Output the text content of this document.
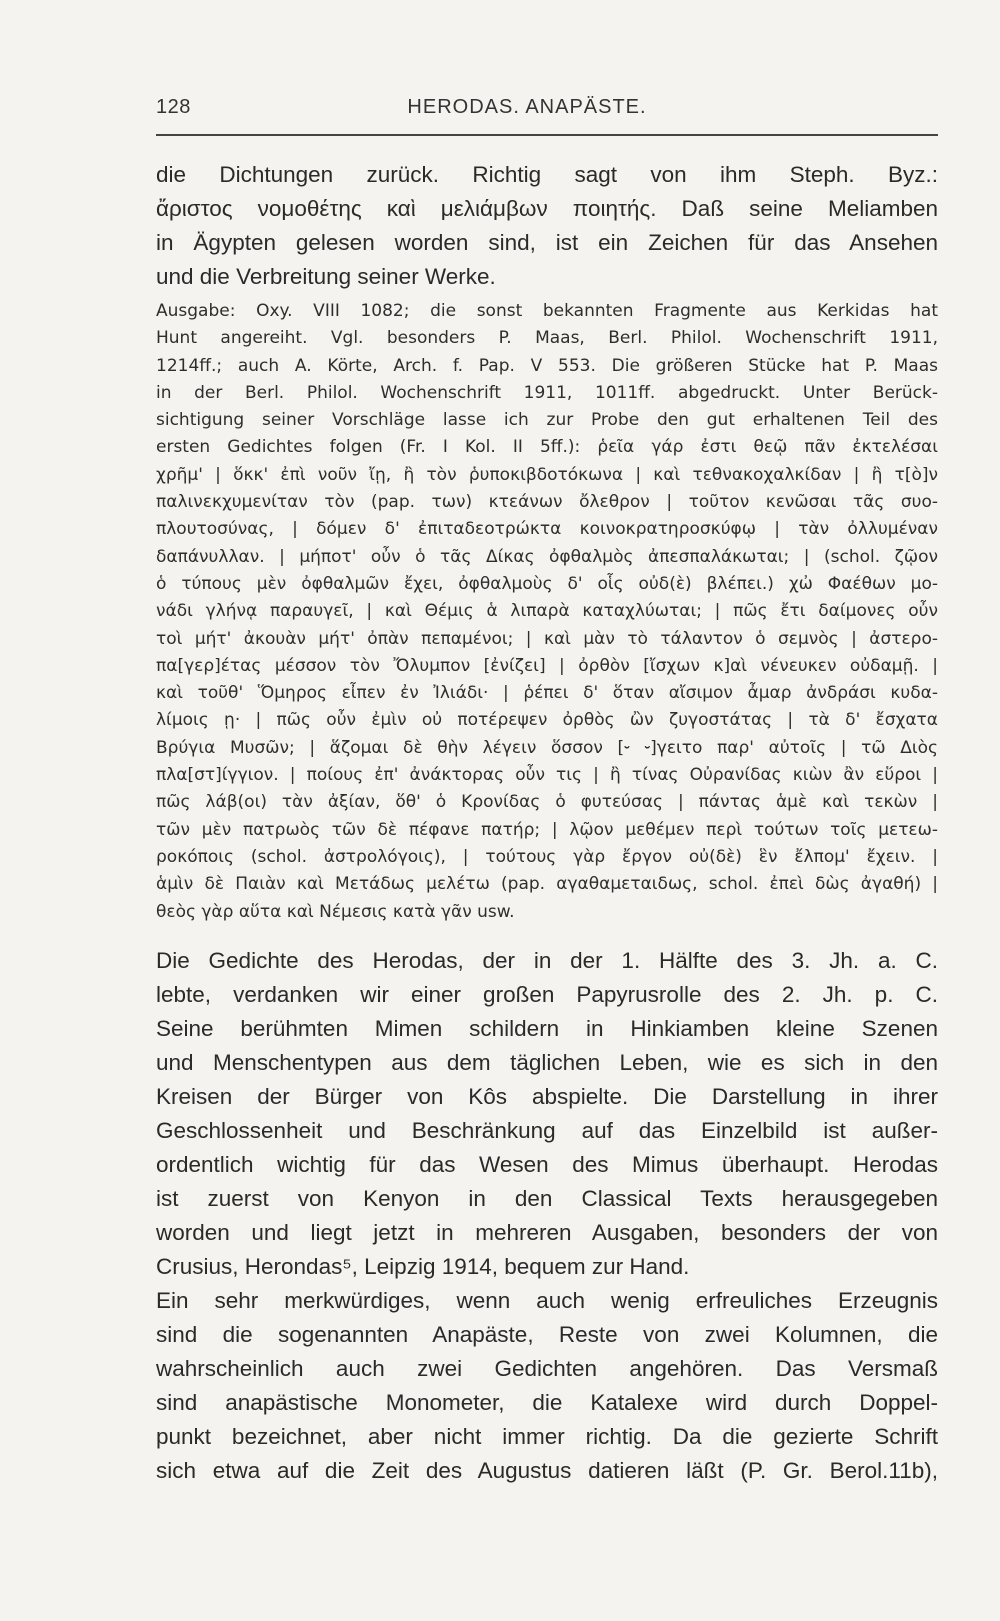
128	HERODAS. ANAPÄSTE.
die Dichtungen zurück. Richtig sagt von ihm Steph. Byz.:
ἄριστος νομοθέτης καὶ μελιάμβων ποιητής. Daß seine Meliamben
in Ägypten gelesen worden sind, ist ein Zeichen für das Ansehen
und die Verbreitung seiner Werke.
Ausgabe: Oxy. VIII 1082; die sonst bekannten Fragmente aus Kerkidas hat
Hunt angereiht. Vgl. besonders P. Maas, Berl. Philol. Wochenschrift 1911,
1214ff.; auch A. Körte, Arch. f. Pap. V 553. Die größeren Stücke hat P. Maas
in der Berl. Philol. Wochenschrift 1911, 1011ff. abgedruckt. Unter Berück-
sichtigung seiner Vorschläge lasse ich zur Probe den gut erhaltenen Teil des
ersten Gedichtes folgen (Fr. I Kol. II 5ff.): ῥεῖα γάρ ἐστι θεῷ πᾶν ἐκτελέσαι
χρῆμ' | ὅκκ' ἐπὶ νοῦν ἴῃ, ἢ τὸν ῥυποκιβδοτόκωνα | καὶ τεθνακοχαλκίδαν | ἢ τ[ὸ]ν
παλινεκχυμενίταν τὸν (pap. των) κτεάνων ὄλεθρον | τοῦτον κενῶσαι τᾶς συο-
πλουτοσύνας, | δόμεν δ' ἐπιταδεοτρώκτα κοινοκρατηροσκύφῳ | τὰν ὀλλυμέναν
δαπάνυλλαν. | μήποτ' οὖν ὁ τᾶς Δίκας ὀφθαλμὸς ἀπεσπαλάκωται; | (schol. ζῷον
ὁ τύπους μὲν ὀφθαλμῶν ἔχει, ὀφθαλμοὺς δ' οἷς οὐδ(ὲ) βλέπει.) χὠ Φαέθων μο-
νάδι γλήνᾳ παραυγεῖ, | καὶ Θέμις ἁ λιπαρὰ καταχλύωται; | πῶς ἔτι δαίμονες οὖν
τοὶ μήτ' ἀκουὰν μήτ' ὀπὰν πεπαμένοι; | καὶ μὰν τὸ τάλαντον ὁ σεμνὸς | ἀστερο-
πα[γερ]έτας μέσσον τὸν Ὄλυμπον [ἐνίζει] | ὀρθὸν [ἴσχων κ]αὶ νένευκεν οὐδαμῇ. |
καὶ τοῦθ' Ὅμηρος εἶπεν ἐν Ἰλιάδι· | ῥέπει δ' ὅταν αἴσιμον ἆμαρ ἀνδράσι κυδα-
λίμοις ῃ· | πῶς οὖν ἐμὶν οὐ ποτέρεψεν ὀρθὸς ὢν ζυγοστάτας | τὰ δ' ἔσχατα
Βρύγια Μυσῶν; | ἅζομαι δὲ θὴν λέγειν ὅσσον [⏑ ⏑]γειτο παρ' αὐτοῖς | τῶ Διὸς
πλα[στ]ίγγιον. | ποίους ἐπ' ἀνάκτορας οὖν τις | ἢ τίνας Οὐρανίδας κιὼν ἂν εὕροι |
πῶς λάβ(οι) τὰν ἀξίαν, ὅθ' ὁ Κρονίδας ὁ φυτεύσας | πάντας ἁμὲ καὶ τεκὼν |
τῶν μὲν πατρωὸς τῶν δὲ πέφανε πατήρ; | λῷον μεθέμεν περὶ τούτων τοῖς μετεω-
ροκόποις (schol. ἀστρολόγοις), | τούτους γὰρ ἔργον οὐ(δὲ) ἓν ἔλπομ' ἔχειν. |
ἁμὶν δὲ Παιὰν καὶ Μετάδως μελέτω (pap. αγαθαμεταιδως, schol. ἐπεὶ δὼς ἀγαθή) |
θεὸς γὰρ αὕτα καὶ Νέμεσις κατὰ γᾶν usw.
Die Gedichte des Herodas, der in der 1. Hälfte des 3. Jh. a. C.
lebte, verdanken wir einer großen Papyrusrolle des 2. Jh. p. C.
Seine berühmten Mimen schildern in Hinkiamben kleine Szenen
und Menschentypen aus dem täglichen Leben, wie es sich in den
Kreisen der Bürger von Kôs abspielte. Die Darstellung in ihrer
Geschlossenheit und Beschränkung auf das Einzelbild ist außer-
ordentlich wichtig für das Wesen des Mimus überhaupt. Herodas
ist zuerst von Kenyon in den Classical Texts herausgegeben
worden und liegt jetzt in mehreren Ausgaben, besonders der von
Crusius, Herondas⁵, Leipzig 1914, bequem zur Hand.
Ein sehr merkwürdiges, wenn auch wenig erfreuliches Erzeugnis
sind die sogenannten Anapäste, Reste von zwei Kolumnen, die
wahrscheinlich auch zwei Gedichten angehören. Das Versmaß
sind anapästische Monometer, die Katalexe wird durch Doppel-
punkt bezeichnet, aber nicht immer richtig. Da die gezierte Schrift
sich etwa auf die Zeit des Augustus datieren läßt (P. Gr. Berol.11b),
